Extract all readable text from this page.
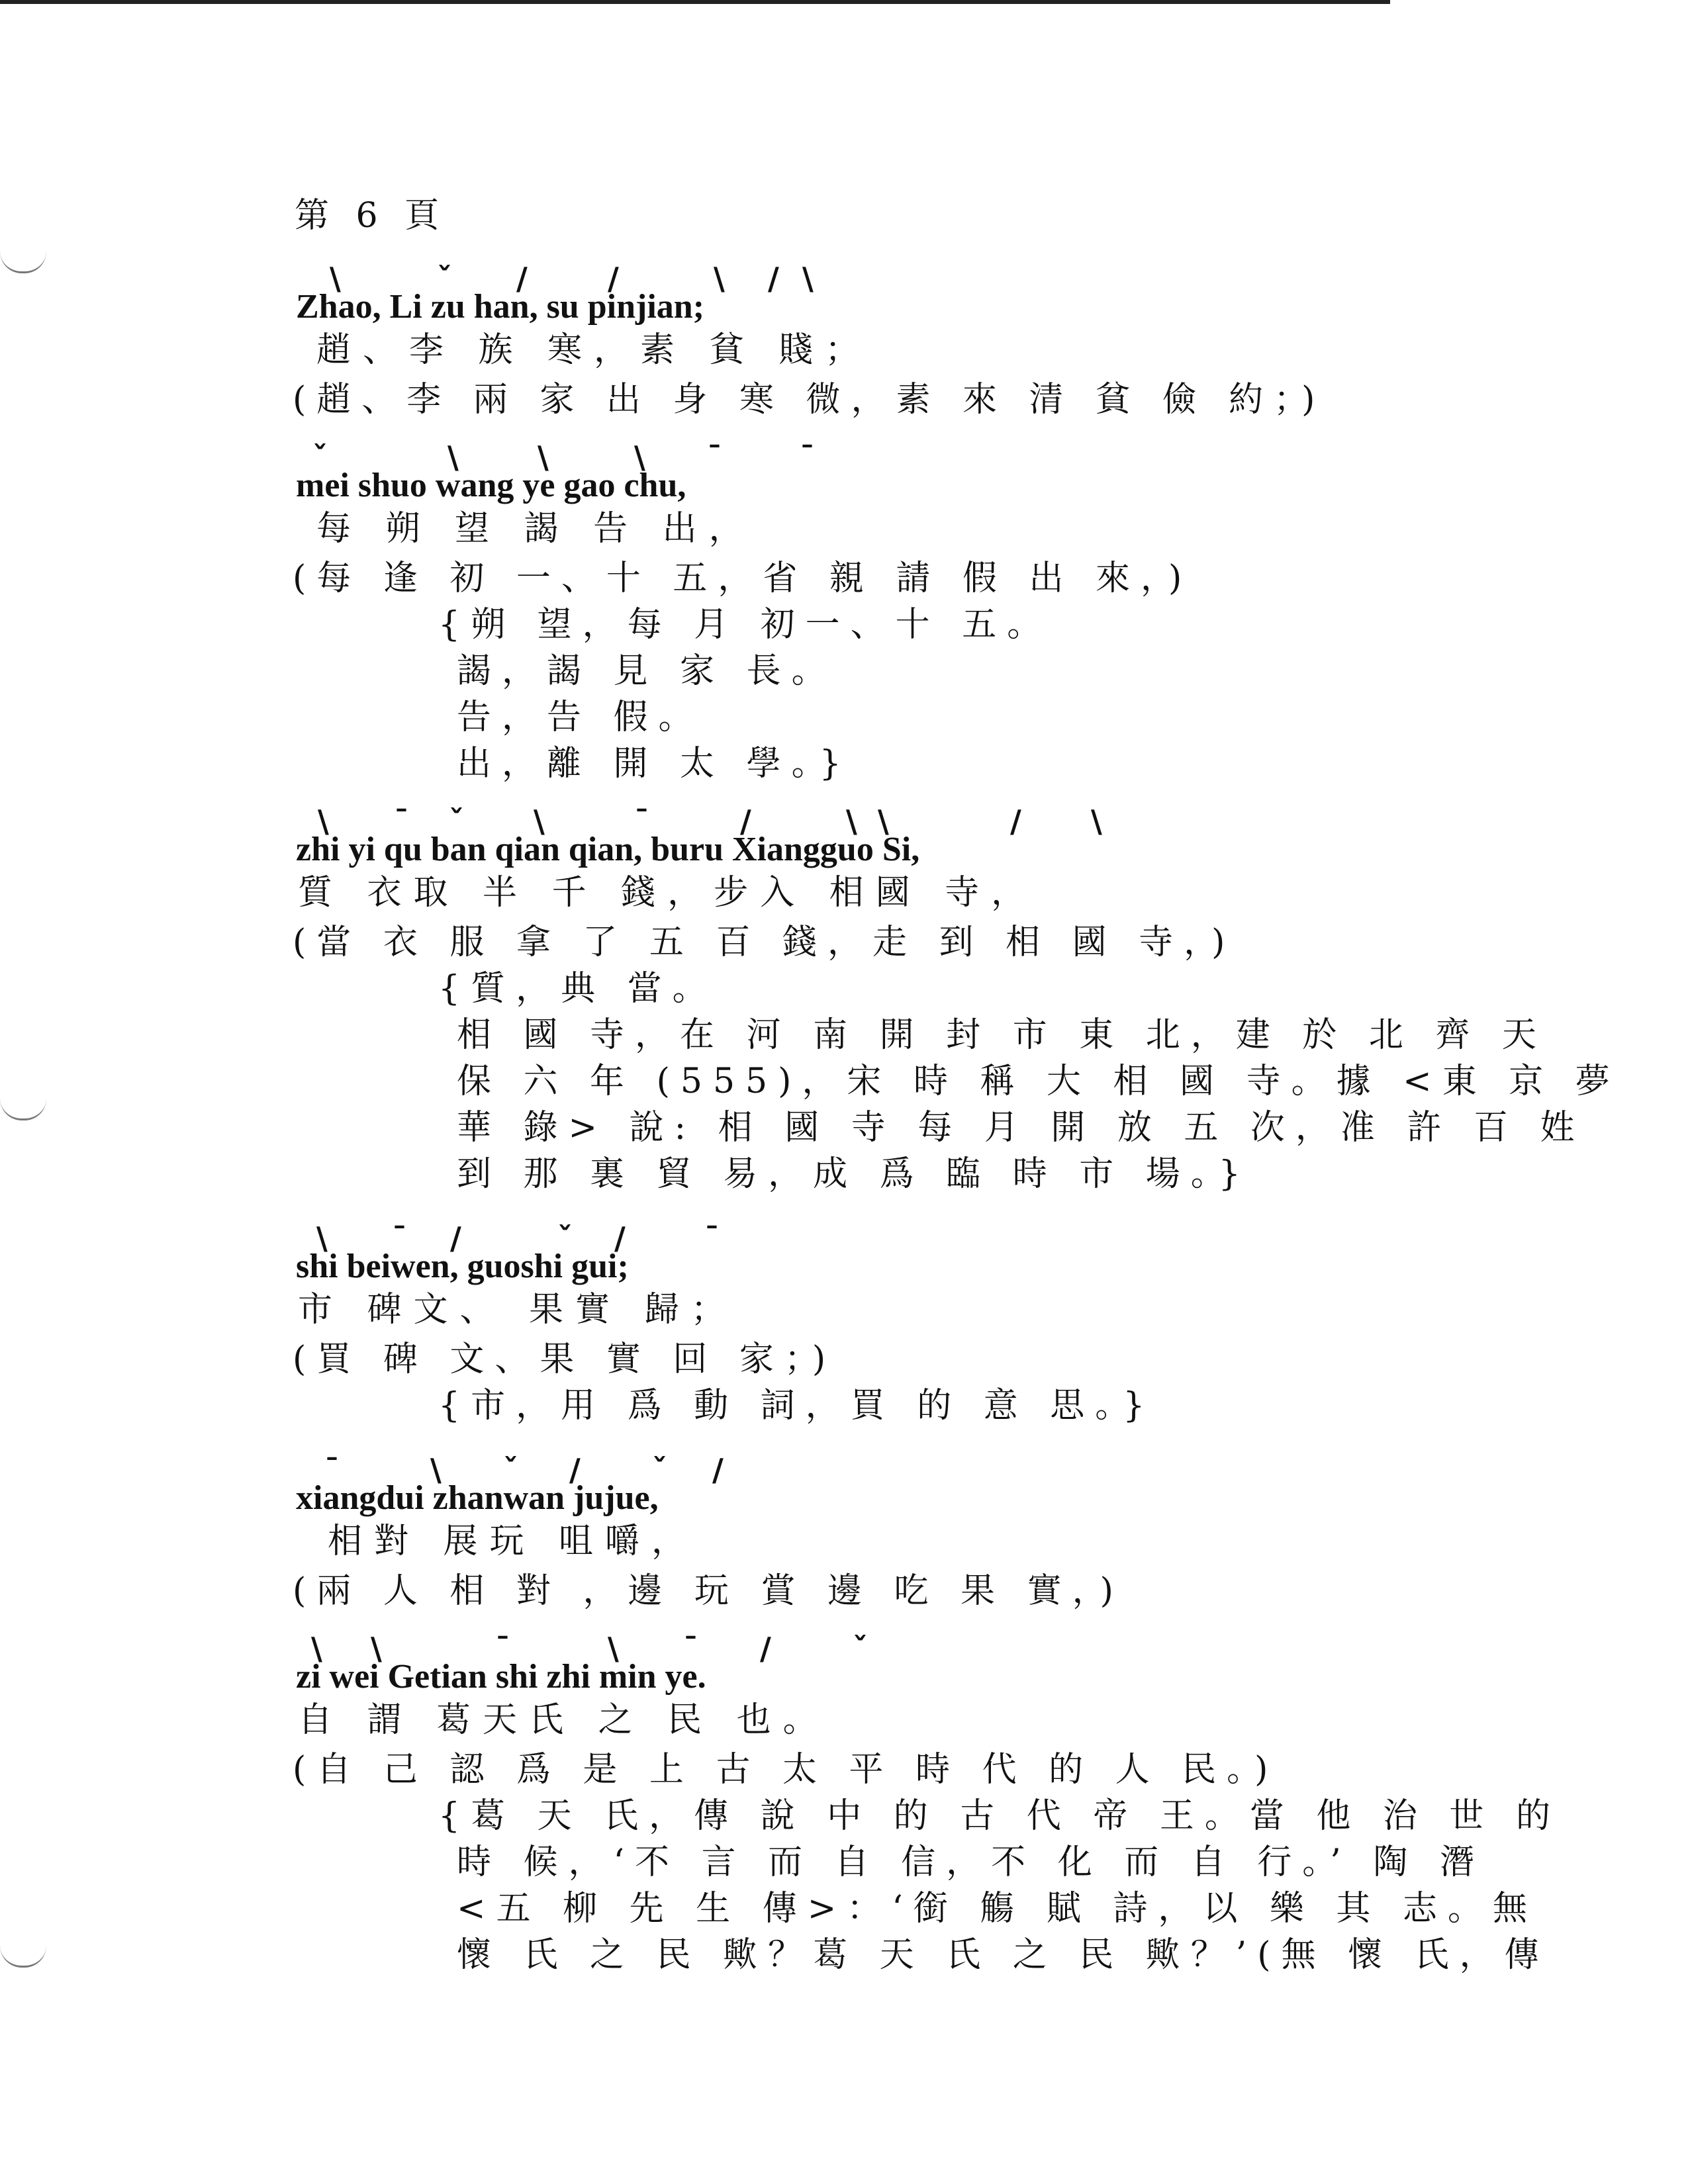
第 6 頁
Zhao, Li zu han, su pinjian;
趙、李 族 寒，素 貧 賤；
(趙、李 兩 家 出 身 寒 微，素 來 清 貧 儉 約；)
mei shuo wang ye gao chu,
每 朔 望 謁 告 出，
(每 逢 初 一、十 五，省 親 請 假 出 來，)
{朔 望，每 月 初一、十 五。
謁，謁 見 家 長。
告，告 假。
出，離 開 太 學。}
zhi yi qu ban qian qian, buru Xiangguo Si,
質 衣取 半 千 錢，步入 相國 寺，
(當 衣 服 拿 了 五 百 錢，走 到 相 國 寺，)
{質，典 當。
相 國 寺，在 河 南 開 封 市 東 北，建 於 北 齊 天
保 六 年 (555)，宋 時 稱 大 相 國 寺。據 <東 京 夢
華 錄> 說: 相 國 寺 每 月 開 放 五 次，准 許 百 姓
到 那 裏 貿 易，成 爲 臨 時 市 場。}
shi beiwen, guoshi gui;
市 碑文、 果實 歸；
(買 碑 文、果 實 回 家；)
{市，用 爲 動 詞，買 的 意 思。}
xiangdui zhanwan jujue,
相對 展玩 咀嚼，
(兩 人 相 對 ，邊 玩 賞 邊 吃 果 實，)
zi wei Getian shi zhi min ye.
自 謂 葛天氏 之 民 也。
(自 己 認 爲 是 上 古 太 平 時 代 的 人 民。)
{葛 天 氏，傳 說 中 的 古 代 帝 王。當 他 治 世 的
時 候，‘不 言 而 自 信，不 化 而 自 行。’ 陶 潛
<五 柳 先 生 傳>：‘銜 觴 賦 詩，以 樂 其 志。無
懷 氏 之 民 歟？葛 天 氏 之 民 歟？’(無 懷 氏，傳
\	ˇ /	/	\ / \
ˇ	\	\	\ ¯	¯
\ ¯ ˇ \	¯	/	\ \	/ \
\ ¯ /	ˇ /	¯
¯	\ ˇ / ˇ /
\ \	¯	\ ¯ /	ˇ
